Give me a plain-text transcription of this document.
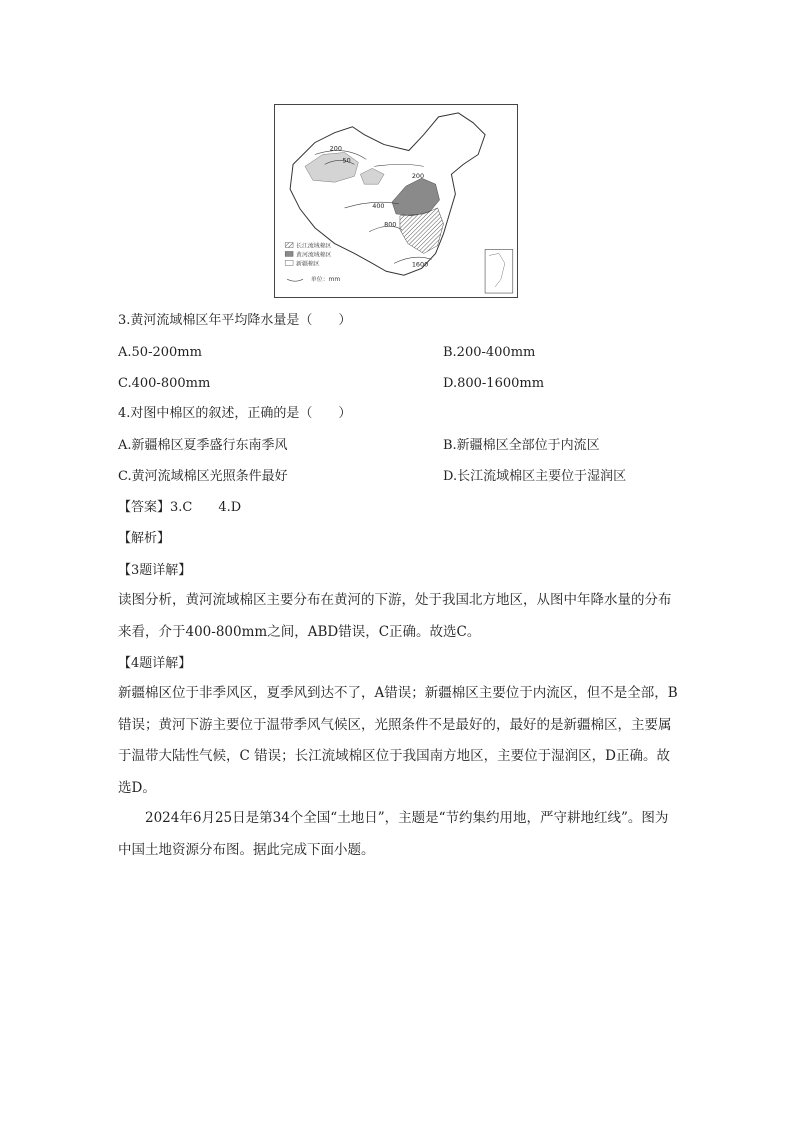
200
50
200
400
800
1600
长江流域棉区
黄河流域棉区
新疆棉区
单位：mm
3.黄河流域棉区年平均降水量是（　　）
A.50-200mm	B.200-400mm
C.400-800mm	D.800-1600mm
4.对图中棉区的叙述，正确的是（　　）
A.新疆棉区夏季盛行东南季风	B.新疆棉区全部位于内流区
C.黄河流域棉区光照条件最好	D.长江流域棉区主要位于湿润区
【答案】3.C　　4.D
【解析】
【3题详解】
读图分析，黄河流域棉区主要分布在黄河的下游，处于我国北方地区，从图中年降水量的分布来看，介于400-800mm之间，ABD错误，C正确。故选C。
【4题详解】
新疆棉区位于非季风区，夏季风到达不了，A错误；新疆棉区主要位于内流区，但不是全部，B错误；黄河下游主要位于温带季风气候区，光照条件不是最好的，最好的是新疆棉区，主要属于温带大陆性气候，C 错误；长江流域棉区位于我国南方地区，主要位于湿润区，D正确。故选D。
　　2024年6月25日是第34个全国“土地日”，主题是“节约集约用地，严守耕地红线”。图为中国土地资源分布图。据此完成下面小题。
